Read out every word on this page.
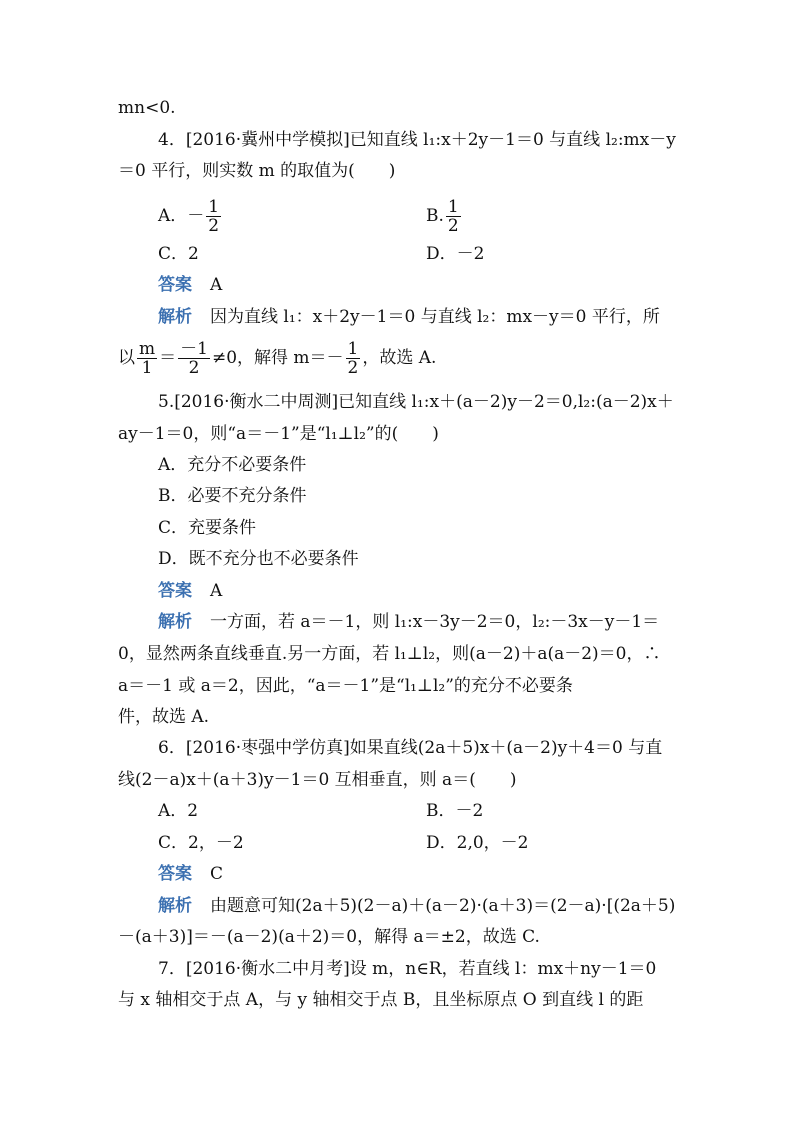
mn<0.
4．[2016·冀州中学模拟]已知直线 l₁:x＋2y－1＝0 与直线 l₂:mx－y
＝0 平行，则实数 m 的取值为(　　)
A．－ $\frac{1}{2}$	B. $\frac{1}{2}$
C．2	D．－2
答案 A
解析 因为直线 l₁：x＋2y－1＝0 与直线 l₂：mx－y＝0 平行，所
以 $\frac{m}{1} = \frac{-1}{2} \ne 0$，解得 $m=- \frac{1}{2}$ ，故选 A.
5.[2016·衡水二中周测]已知直线 l₁:x＋(a－2)y－2＝0,l₂:(a－2)x＋
ay－1＝0，则“a＝－1”是“l₁⊥l₂”的(　　)
A．充分不必要条件
B．必要不充分条件
C．充要条件
D．既不充分也不必要条件
答案 A
解析 一方面，若 a＝－1，则 l₁:x－3y－2＝0，l₂:－3x－y－1＝
0，显然两条直线垂直.另一方面，若 l₁⊥l₂，则(a－2)＋a(a－2)＝0，∴
a＝－1 或 a＝2，因此，“a＝－1”是“l₁⊥l₂”的充分不必要条
件，故选 A.
6．[2016·枣强中学仿真]如果直线(2a＋5)x＋(a－2)y＋4＝0 与直
线(2－a)x＋(a＋3)y－1＝0 互相垂直，则 a＝(　　)
A．2	B．－2
C．2，－2	D．2,0，－2
答案 C
解析 由题意可知(2a＋5)(2－a)＋(a－2)·(a＋3)＝(2－a)·[(2a＋5)
－(a＋3)]＝－(a－2)(a＋2)＝0，解得 a＝±2，故选 C.
7．[2016·衡水二中月考]设 m，n∈R，若直线 l：mx＋ny－1＝0
与 x 轴相交于点 A，与 y 轴相交于点 B，且坐标原点 O 到直线 l 的距
